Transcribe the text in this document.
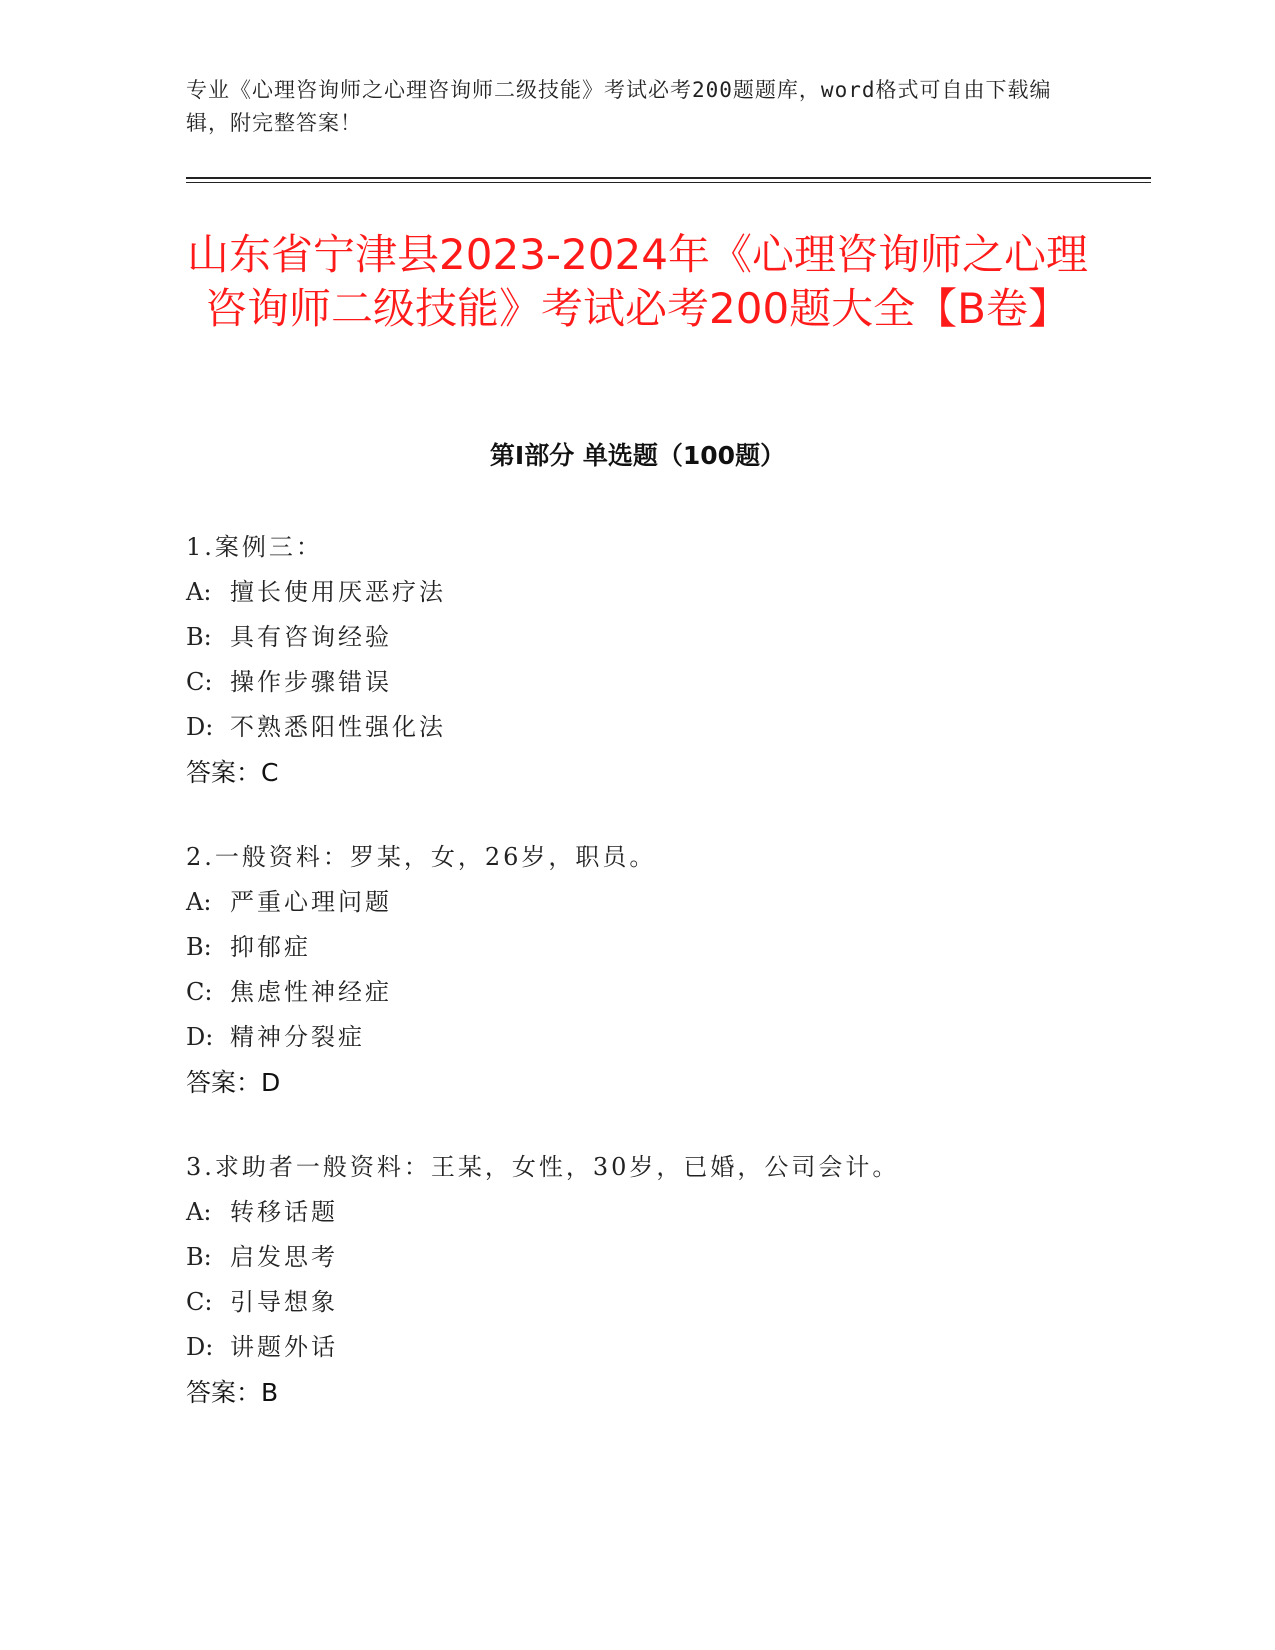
专业《心理咨询师之心理咨询师二级技能》考试必考200题题库，word格式可自由下载编辑，附完整答案！
山东省宁津县2023-2024年《心理咨询师之心理咨询师二级技能》考试必考200题大全【B卷】
第I部分 单选题（100题）
1.案例三：
A: 擅长使用厌恶疗法
B: 具有咨询经验
C: 操作步骤错误
D: 不熟悉阳性强化法
答案：C
2.一般资料：罗某，女，26岁，职员。
A: 严重心理问题
B: 抑郁症
C: 焦虑性神经症
D: 精神分裂症
答案：D
3.求助者一般资料：王某，女性，30岁，已婚，公司会计。
A: 转移话题
B: 启发思考
C: 引导想象
D: 讲题外话
答案：B
